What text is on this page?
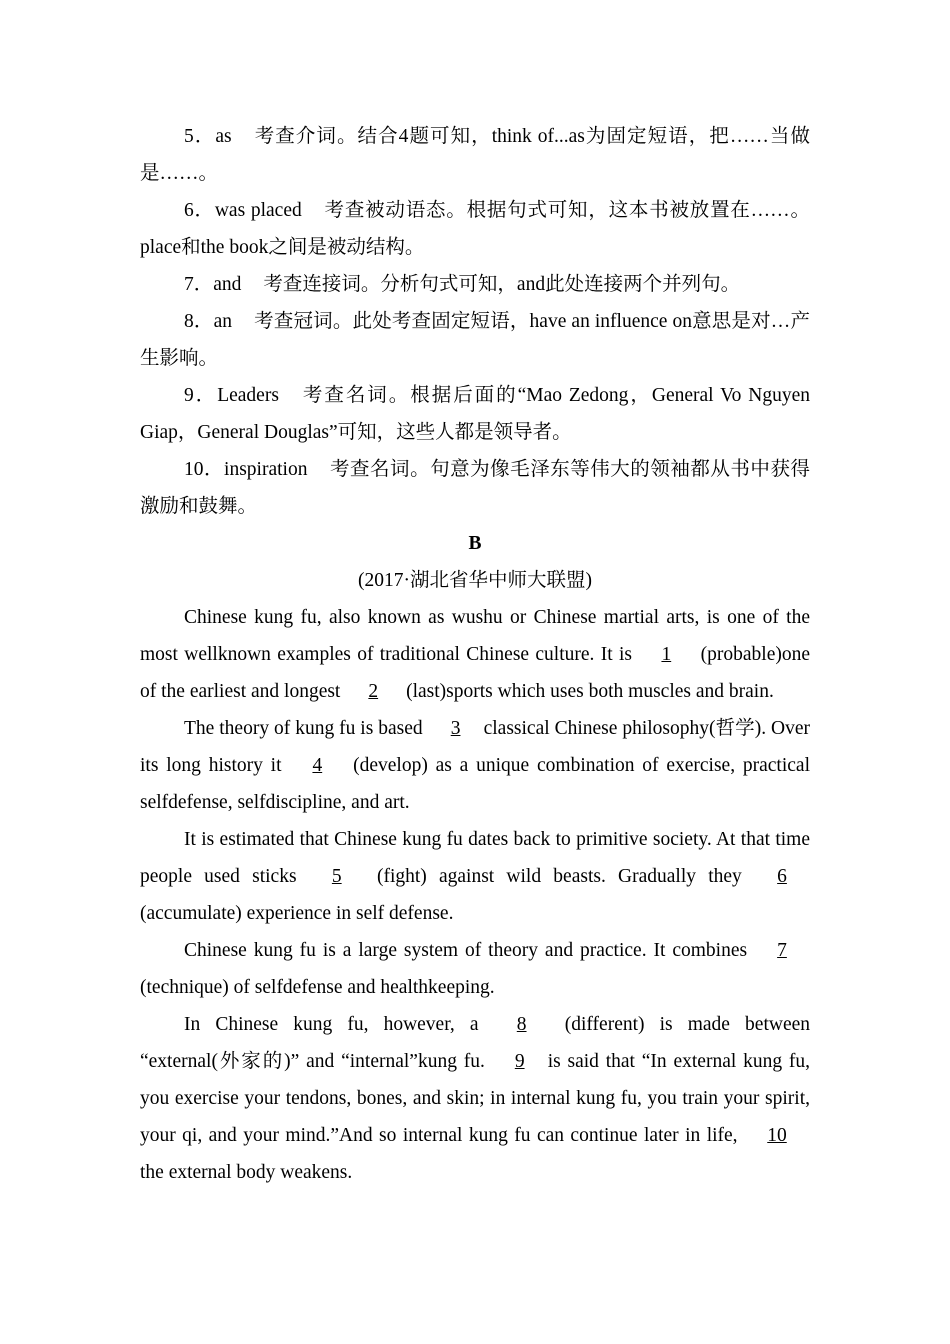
5．as 考查介词。结合4题可知，think of...as为固定短语，把……当做是……。

6．was placed 考查被动语态。根据句式可知，这本书被放置在……。place和the book之间是被动结构。

7．and 考查连接词。分析句式可知，and此处连接两个并列句。

8．an 考查冠词。此处考查固定短语，have an influence on意思是对…产生影响。

9．Leaders 考查名词。根据后面的“Mao Zedong，General Vo Nguyen Giap，General Douglas”可知，这些人都是领导者。

10．inspiration 考查名词。句意为像毛泽东等伟大的领袖都从书中获得激励和鼓舞。

B

(2017·湖北省华中师大联盟)

Chinese kung fu, also known as wushu or Chinese martial arts, is one of the most wellknown examples of traditional Chinese culture. It is 1 (probable)one of the earliest and longest 2 (last)sports which uses both muscles and brain.

The theory of kung fu is based 3 classical Chinese philosophy(哲学). Over its long history it 4 (develop) as a unique combination of exercise, practical selfdefense, selfdiscipline, and art.

It is estimated that Chinese kung fu dates back to primitive society. At that time people used sticks 5 (fight) against wild beasts. Gradually they 6 (accumulate) experience in self defense.

Chinese kung fu is a large system of theory and practice. It combines 7(technique) of selfdefense and healthkeeping.

In Chinese kung fu, however, a 8 (different) is made between “external(外家的)” and “internal”kung fu. 9 is said that “In external kung fu, you exercise your tendons, bones, and skin; in internal kung fu, you train your spirit, your qi, and your mind.”And so internal kung fu can continue later in life, 10 the external body weakens.
